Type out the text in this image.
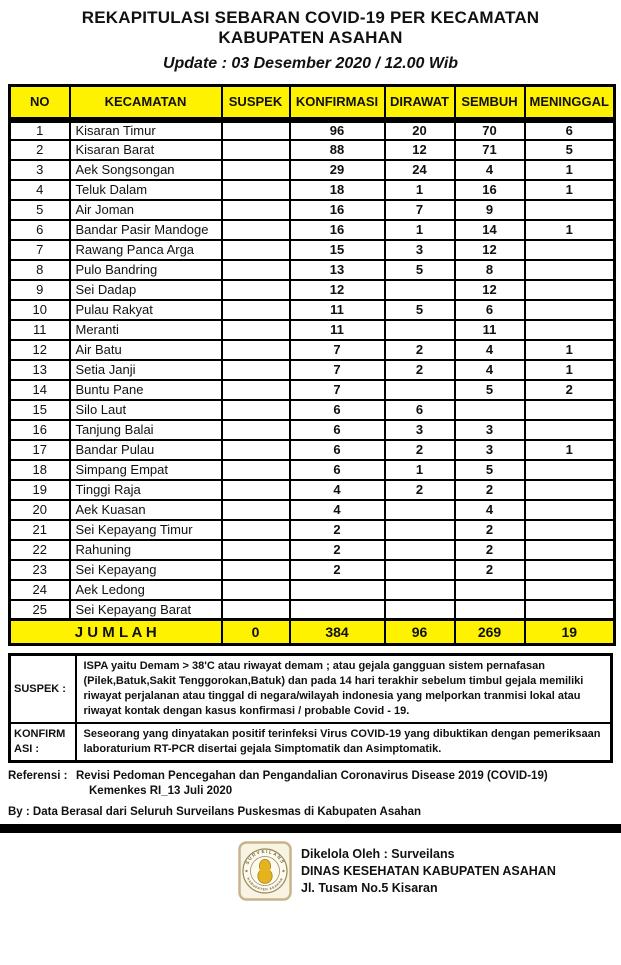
REKAPITULASI SEBARAN COVID-19 PER KECAMATAN
KABUPATEN ASAHAN
Update : 03 Desember 2020 / 12.00 Wib
NO	KECAMATAN	SUSPEK	KONFIRMASI	DIRAWAT	SEMBUH	MENINGGAL
1	Kisaran Timur		96	20	70	6
2	Kisaran Barat		88	12	71	5
3	Aek Songsongan		29	24	4	1
4	Teluk Dalam		18	1	16	1
5	Air Joman		16	7	9	
6	Bandar Pasir Mandoge		16	1	14	1
7	Rawang Panca Arga		15	3	12	
8	Pulo Bandring		13	5	8	
9	Sei Dadap		12		12	
10	Pulau Rakyat		11	5	6	
11	Meranti		11		11	
12	Air Batu		7	2	4	1
13	Setia Janji		7	2	4	1
14	Buntu Pane		7		5	2
15	Silo Laut		6	6		
16	Tanjung Balai		6	3	3	
17	Bandar Pulau		6	2	3	1
18	Simpang Empat		6	1	5	
19	Tinggi Raja		4	2	2	
20	Aek Kuasan		4		4	
21	Sei Kepayang Timur		2		2	
22	Rahuning		2		2	
23	Sei Kepayang		2		2	
24	Aek Ledong					
25	Sei Kepayang Barat					
J U M L A H		0	384	96	269	19
SUSPEK :	ISPA yaitu Demam > 38'C atau riwayat demam ; atau gejala gangguan sistem pernafasan (Pilek,Batuk,Sakit Tenggorokan,Batuk) dan pada 14 hari terakhir sebelum timbul gejala memiliki riwayat perjalanan atau tinggal di negara/wilayah indonesia yang melporkan tranmisi lokal atau riwayat kontak dengan kasus konfirmasi / probable Covid - 19.
KONFIRMASI :	Seseorang yang dinyatakan positif terinfeksi Virus COVID-19 yang dibuktikan dengan pemeriksaan laboraturium RT-PCR disertai gejala Simptomatik dan Asimptomatik.
Referensi : Revisi Pedoman Pencegahan dan Pengandalian Coronavirus Disease 2019 (COVID-19)
Kemenkes RI_13 Juli 2020
By : Data Berasal dari Seluruh Surveilans Puskesmas di Kabupaten Asahan
SURVEILANS
KABUPATEN ASAHAN
Dikelola Oleh : Surveilans
DINAS KESEHATAN KABUPATEN ASAHAN
Jl. Tusam No.5 Kisaran
